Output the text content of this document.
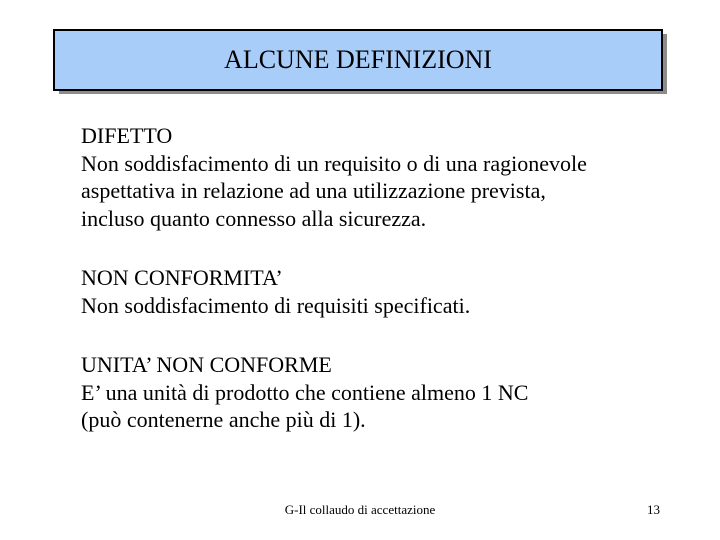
ALCUNE DEFINIZIONI

DIFETTO

Non soddisfacimento di un requisito o di una ragionevole
aspettativa in relazione ad una utilizzazione prevista,
incluso quanto connesso alla sicurezza.

NON CONFORMITA’

Non soddisfacimento di requisiti specificati.

UNITA’ NON CONFORME

E’ una unità di prodotto che contiene almeno 1 NC
(può contenerne anche più di 1).

G-Il collaudo di accettazione	13
